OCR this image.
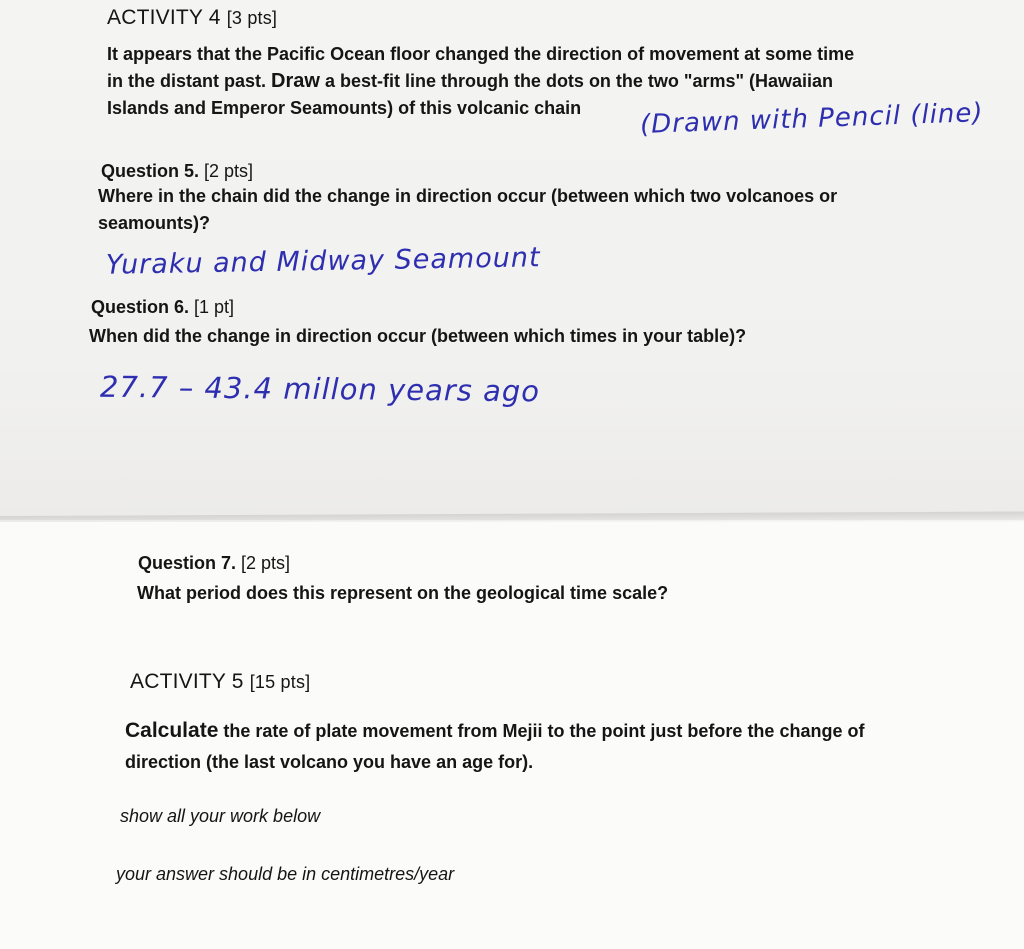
ACTIVITY 4 [3 pts]
It appears that the Pacific Ocean floor changed the direction of movement at some time
in the distant past. Draw a best-fit line through the dots on the two "arms" (Hawaiian
Islands and Emperor Seamounts) of this volcanic chain	(Drawn with Pencil (line)
Question 5. [2 pts]
Where in the chain did the change in direction occur (between which two volcanoes or
seamounts)?
Yuraku and Midway Seamount
Question 6. [1 pt]
When did the change in direction occur (between which times in your table)?
27.7 – 43.4 millon years ago
Question 7. [2 pts]
What period does this represent on the geological time scale?
ACTIVITY 5 [15 pts]
Calculate the rate of plate movement from Mejii to the point just before the change of
direction (the last volcano you have an age for).
show all your work below
your answer should be in centimetres/year
